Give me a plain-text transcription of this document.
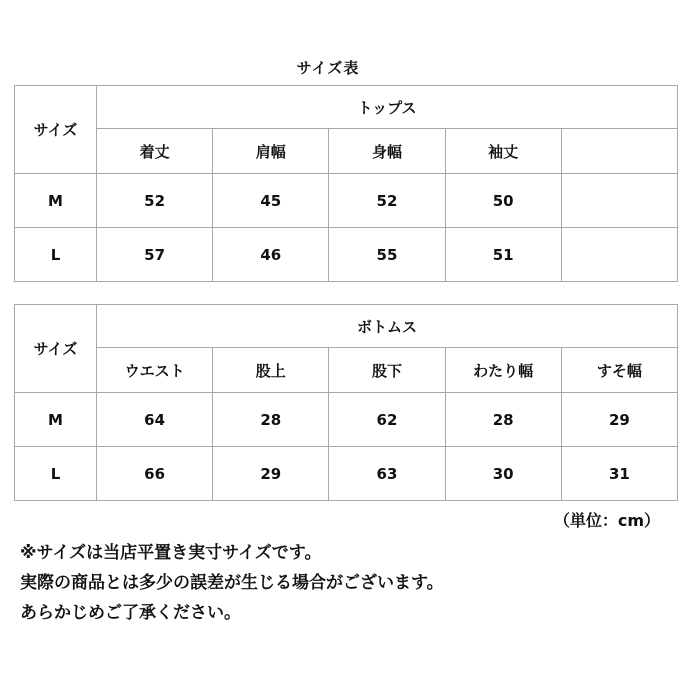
サイズ表
サイズ	トップス				
	着丈	肩幅	身幅	袖丈	
M	52	45	52	50	
L	57	46	55	51	
サイズ	ボトムス				
	ウエスト	股上	股下	わたり幅	すそ幅
M	64	28	62	28	29
L	66	29	63	30	31
（単位：cm）
※サイズは当店平置き実寸サイズです。
実際の商品とは多少の誤差が生じる場合がございます。
あらかじめご了承ください。
